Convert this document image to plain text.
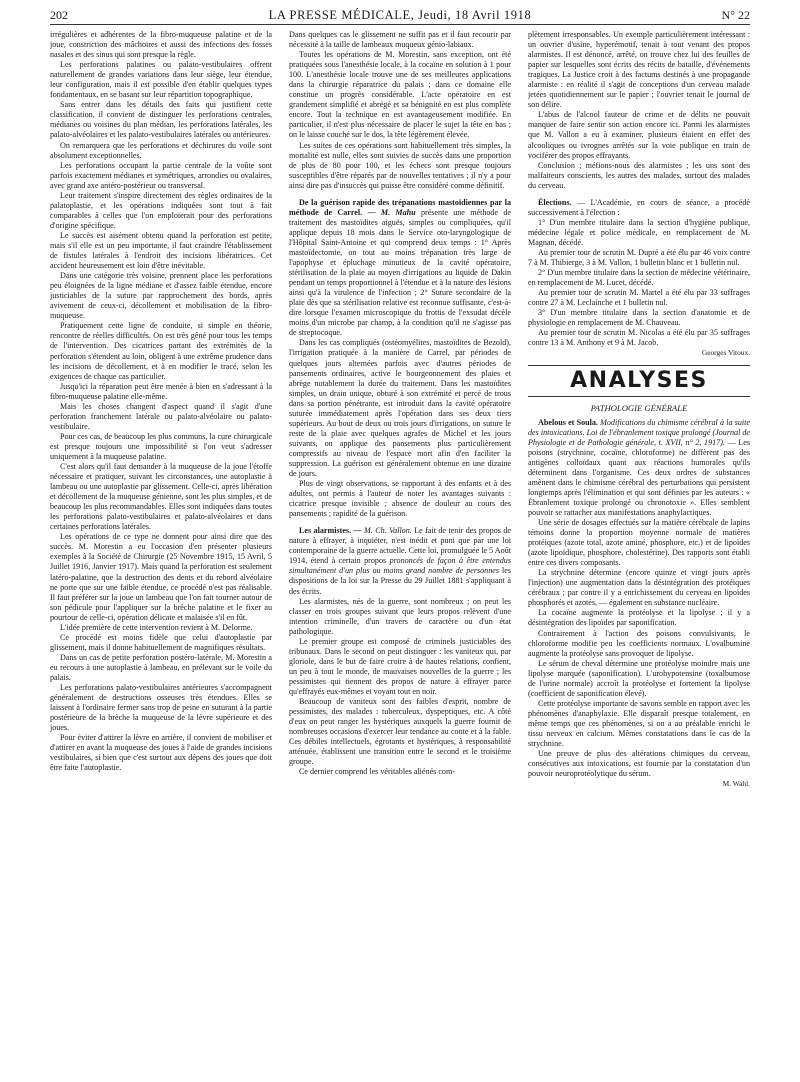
202	LA PRESSE MÉDICALE, Jeudi, 18 Avril 1918	N° 22

irrégulières et adhérentes de la fibro-muqueuse palatine et de la joue, constriction des mâchoires et aussi des infections des fosses nasales et des sinus qui sont presque la règle.

Les perforations palatines ou palato-vestibulaires offrent naturellement de grandes variations dans leur siège, leur étendue, leur configuration, mais il est possible d'en établir quelques types fondamentaux, en se basant sur leur répartition topographique.

Sans entrer dans les détails des faits qui justifient cette classification, il convient de distinguer les perforations centrales, médianes ou voisines du plan médian, les perforations latérales, les palato-alvéolaires et les palato-vestibulaires latérales ou antérieures.

On remarquera que les perforations et déchirures du voile sont absolument exceptionnelles.

Les perforations occupant la partie centrale de la voûte sont parfois exactement médianes et symétriques, arrondies ou ovalaires, avec grand axe antéro-postérieur ou transversal.

Leur traitement s'inspire directement des règles ordinaires de la palatoplastie, et les opérations indiquées sont tout à fait comparables à celles que l'on emploierait pour des perforations d'origine spécifique.

Le succès est aisément obtenu quand la perforation est petite, mais s'il elle est un peu importante, il faut craindre l'établissement de fistules latérales à l'endroit des incisions libératrices. Cet accident heureusement est loin d'être inévitable.

Dans une catégorie très voisine, prennent place les perforations peu éloignées de la ligne médiane et d'assez faible étendue, encore justiciables de la suture par rapprochement des bords, après avivement de ceux-ci, décollement et mobilisation de la fibro-muqueuse.

Pratiquement cette ligne de conduite, si simple en théorie, rencontre de réelles difficultés. On est très gêné pour tous les temps de l'intervention. Des cicatrices partant des extrémités de la perforation s'étendent au loin, obligent à une extrême prudence dans les incisions de décollement, et à en modifier le tracé, selon les exigences de chaque cas particulier.

Jusqu'ici la réparation peut être menée à bien en s'adressant à la fibro-muqueuse palatine elle-même.

Mais les choses changent d'aspect quand il s'agit d'une perforation franchement latérale ou palato-alvéolaire ou palato-vestibulaire.

Pour ces cas, de beaucoup les plus communs, la cure chirurgicale est presque toujours une impossibilité si l'on veut s'adresser uniquement à la muqueuse palatine.

C'est alors qu'il faut demander à la muqueuse de la joue l'étoffe nécessaire et pratiquer, suivant les circonstances, une autoplastie à lambeau ou une autoplastie par glissement. Celle-ci, après libération et décollement de la muqueuse génienne, sont les plus simples, et de beaucoup les plus recommandables. Elles sont indiquées dans toutes les perforations palato-vestibulaires et palato-alvéolaires et dans certaines perforations latérales.

Les opérations de ce type ne donnent pour ainsi dire que des succès. M. Morestin a eu l'occasion d'en présenter plusieurs exemples à la Société de Chirurgie (25 Novembre 1915, 15 Avril, 5 Juillet 1916, Janvier 1917). Mais quand la perforation est seulement latéro-palatine, que la destruction des dents et du rebord alvéolaire ne porte que sur une faible étendue, ce procédé n'est pas réalisable. Il faut préférer sur la joue un lambeau que l'on fait tourner autour de son pédicule pour l'appliquer sur la brèche palatine et le fixer au pourtour de celle-ci, opération délicate et malaisée s'il en fût.

L'idée première de cette intervention revient à M. Delorme.

Ce procédé est moins fidèle que celui d'autoplastie par glissement, mais il donne habituellement de magnifiques résultats.

Dans un cas de petite perforation postéro-latérale, M. Morestin a eu recours à une autoplastie à lambeau, en prélevant sur le voile du palais.

Les perforations palato-vestibulaires antérieures s'accompagnent généralement de destructions osseuses très étendues. Elles se laissent à l'ordinaire fermer sans trop de peine en suturant à la partie postérieure de la brèche la muqueuse de la lèvre supérieure et des joues.

Pour éviter d'attirer la lèvre en arrière, il convient de mobiliser et d'attirer en avant la muqueuse des joues à l'aide de grandes incisions vestibulaires, si bien que c'est surtout aux dépens des joues que doit être faite l'autoplastie.

Dans quelques cas le glissement ne suffit pas et il faut recourir par nécessité à la taille de lambeaux muqueux génio-labiaux.

Toutes les opérations de M. Morestin, sans exception, ont été pratiquées sous l'anesthésie locale, à la cocaïne en solution à 1 pour 100. L'anesthésie locale trouve une de ses meilleures applications dans la chirurgie réparatrice du palais ; dans ce domaine elle constitue un progrès considérable. L'acte opératoire en est grandement simplifié et abrégé et sa bénignité en est plus complète encore. Tout la technique en est avantageusement modifiée. En particulier, il n'est plus nécessaire de placer le sujet la tête en bas ; on le laisse couché sur le dos, la tête légèrement élevée.

Les suites de ces opérations sont habituellement très simples, la mortalité est nulle, elles sont suivies de succès dans une proportion de plus de 80 pour 100, et les échecs sont presque toujours susceptibles d'être réparés par de nouvelles tentatives ; il n'y a pour ainsi dire pas d'insuccès qui puisse être considéré comme définitif.

De la guérison rapide des trépanations mastoïdiennes par la méthode de Carrel. — M. Mahu présente une méthode de traitement des mastoïdites aiguës, simples ou compliquées, qu'il applique depuis 18 mois dans le Service oto-laryngologique de l'Hôpital Saint-Antoine et qui comprend deux temps : 1° Après mastoïdectomie, on tout au moins trépanation très large de l'apophyse et épluchage minutieux de la cavité opératoire, stérilisation de la plaie au moyen d'irrigations au liquide de Dakin pendant un temps proportionnel à l'étendue et à la nature des lésions ainsi qu'à la virulence de l'infection ; 2° Suture secondaire de la plaie dès que sa stérilisation relative est reconnue suffisante, c'est-à-dire lorsque l'examen microscopique du frottis de l'exsudat décèle moins d'un microbe par champ, à la condition qu'il ne s'agisse pas de streptocoque.

Dans les cas compliqués (ostéomyélites, mastoïdites de Bezold), l'irrigation pratiquée à la manière de Carrel, par périodes de quelques jours alternées parfois avec d'autres périodes de pansements ordinaires, active le bourgeonnement des plaies et abrège notablement la durée du traitement. Dans les mastoïdites simples, un drain unique, obturé à son extrémité et percé de trous dans sa portion pénétrante, est introduit dans la cavité opératoire suturée immédiatement après l'opération dans ses deux tiers supérieurs. Au bout de deux ou trois jours d'irrigations, on suture le reste de la plaie avec quelques agrafes de Michel et les jours suivants, on applique des pansements plus particulièrement compressifs au niveau de l'espace mort afin d'en faciliter la suppression. La guérison est généralement obtenue en une dizaine de jours.

Plus de vingt observations, se rapportant à des enfants et à des adultes, ont permis à l'auteur de noter les avantages suivants : cicatrice presque invisible ; absence de douleur au cours des pansements ; rapidité de la guérison.

Les alarmistes. — M. Ch. Vallon. Le fait de tenir des propos de nature à effrayer, à inquiéter, n'est inédit et puni que par une loi contemporaine de la guerre actuelle. Cette loi, promulguée le 5 Août 1914, étend à certain propos prononcés de façon à être entendus simultanément d'un plus ou moins grand nombre de personnes les dispositions de la loi sur la Presse du 29 Juillet 1881 s'appliquant à des écrits.

Les alarmistes, nés de la guerre, sont nombreux ; on peut les classer en trois groupes suivant que leurs propos relèvent d'une intention criminelle, d'un travers de caractère ou d'un état pathologique.

Le premier groupe est composé de criminels justiciables des tribunaux. Dans le second on peut distinguer : les vaniteux qui, par gloriole, dans le but de faire croire à de hautes relations, confient, un peu à tout le monde, de mauvaises nouvelles de la guerre ; les pessimistes qui tiennent des propos de nature à effrayer parce qu'effrayés eux-mêmes et voyant tout en noir.

Beaucoup de vaniteux sont des faibles d'esprit, nombre de pessimistes, des malades : tuberculeux, dyspeptiques, etc. A côté d'eux on peut ranger les hystériques auxquels la guerre fournit de nombreuses occasions d'exercer leur tendance au conte et à la fable. Ces débiles intellectuels, égrotants et hystériques, à responsabilité atténuée, établissent une transition entre le second et le troisième groupe.

Ce dernier comprend les véritables aliénés com-

plètement irresponsables. Un exemple particulièrement intéressant : un ouvrier d'usine, hyperémotif, tenait à tout venant des propos alarmistes. Il est dénoncé, arrêté, on trouve chez lui des feuilles de papier sur lesquelles sont écrits des récits de bataille, d'événements tragiques. La Justice croit à des factums destinés à une propagande alarmiste : en réalité il s'agit de conceptions d'un cerveau malade jetées quotidiennement sur le papier ; l'ouvrier tenait le journal de son délire.

L'abus de l'alcool fauteur de crime et de délits ne pouvait manquer de faire sentir son action encore ici. Parmi les alarmistes que M. Vallon a eu à examiner, plusieurs étaient en effet des alcooliques ou ivrognes arrêtés sur la voie publique en train de vociférer des propos effrayants.

Conclusion ; méfions-nous des alarmistes ; les uns sont des malfaiteurs conscients, les autres des malades, surtout des malades du cerveau.

Élections. — L'Académie, en cours de séance, a procédé successivement à l'élection :

1° D'un membre titulaire dans la section d'hygiène publique, médecine légale et police médicale, en remplacement de M. Magnan, décédé.

Au premier tour de scrutin M. Dupré a été élu par 46 voix contre 7 à M. Thibierge, 3 à M. Vallon, 1 bulletin blanc et 1 bulletin nul.

2° D'un membre titulaire dans la section de médecine vétérinaire, en remplacement de M. Lucet, décédé.

Au premier tour de scrutin M. Martel a été élu par 33 suffrages contre 27 à M. Leclainche et 1 bulletin nul.

3° D'un membre titulaire dans la section d'anatomie et de physiologie en remplacement de M. Chauveau.

Au premier tour de scrutin M. Nicolas a été élu par 35 suffrages contre 13 à M. Anthony et 9 à M. Jacob.

Georges Vitoux.

ANALYSES
PATHOLOGIE GÉNÉRALE

Abelous et Soula. Modifications du chimisme cérébral à la suite des intoxications. Loi de l'ébranlement toxique prolongé (Journal de Physiologie et de Pathologie générale, t. XVII, n° 2, 1917). — Les poisons (strychnine, cocaïne, chloroforme) ne diffèrent pas des antigènes colloïdaux quant aux réactions humorales qu'ils déterminent dans l'organisme. Ces deux ordres de substances amènent dans le chimisme cérébral des perturbations qui persistent longtemps après l'élimination et qui sont définies par les auteurs : « Ébranlement toxique prolongé ou chronotoxie ». Elles semblent pouvoir se rattacher aux manifestations anaphylactiques.

Une série de dosages effectués sur la matière cérébrale de lapins témoins donne la proportion moyenne normale de matières protéiques (azote total, azote aminé, phosphore, etc.) et de lipoïdes (azote lipoïdique, phosphore, cholestérine). Des rapports sont établi entre ces divers composants.

La strychnine détermine (encore quinze et vingt jours après l'injection) une augmentation dans la désintégration des protéiques cérébraux ; par contre il y a enrichissement du cerveau en lipoïdes phosphorés et azotés, — également en substance nucléaire.

La cocaïne augmente la protéolyse et la lipolyse ; il y a désintégration des lipoïdes par saponification.

Contrairement à l'action des poisons convulsivants, le chloroforme modifie peu les coefficients normaux. L'ovalbumine augmente la protéolyse sans provoquer de lipolyse.

Le sérum de cheval détermine une protéolyse moindre mais une lipolyse marquée (saponification). L'urohypotensine (toxalbumose de l'urine normale) accroît la protéolyse et fortement la lipolyse (coefficient de saponification élevé).

Cette protéolyse importante de savons semble en rapport avec les phénomènes d'anaphylaxie. Elle disparaît presque totalement, en même temps que ces phénomènes, si on a au préalable enrichi le tissu nerveux en calcium. Mêmes constatations dans le cas de la strychnine.

Une preuve de plus des altérations chimiques du cerveau, consécutives aux intoxications, est fournie par la constatation d'un pouvoir neuroprotéolytique du sérum.

M. Wahl.
